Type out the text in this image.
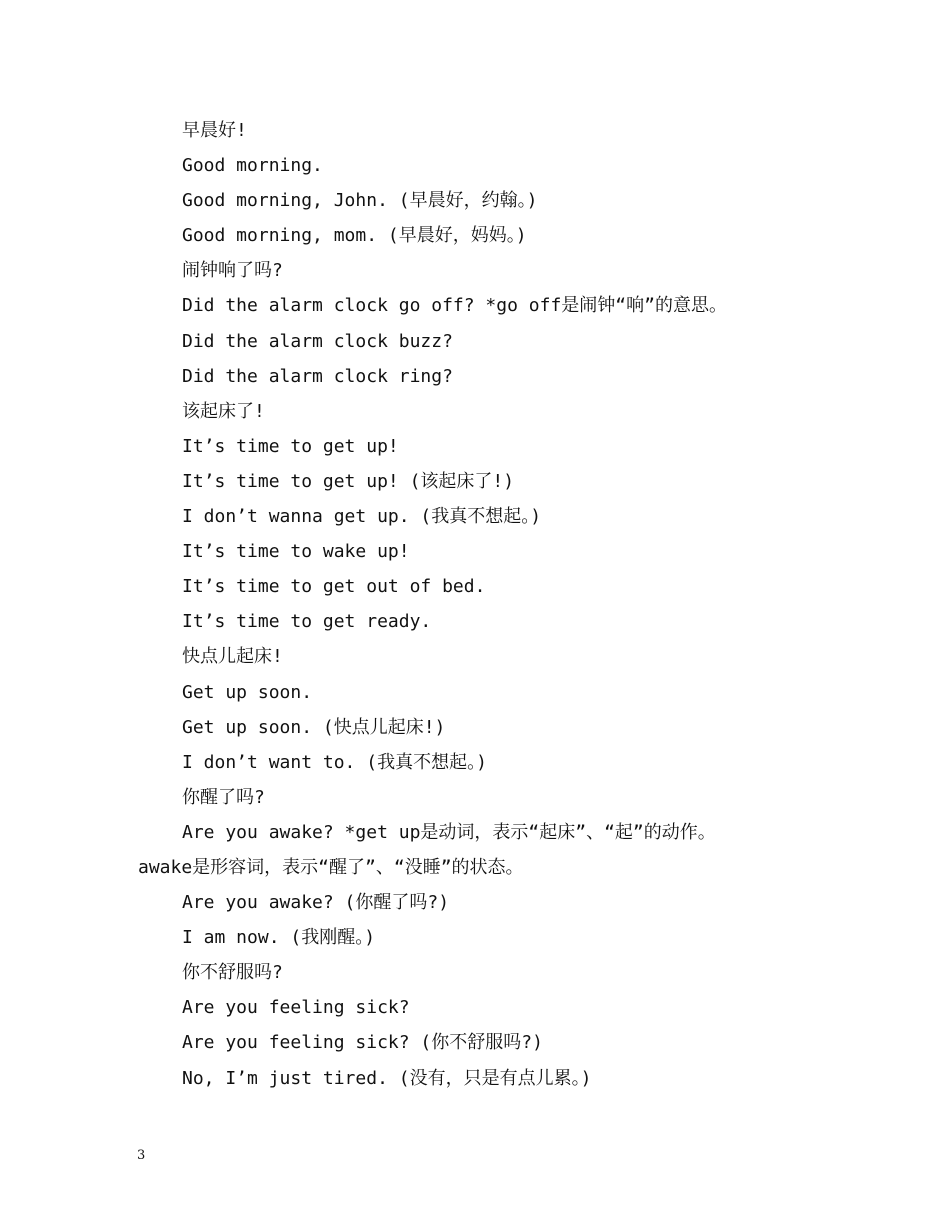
早晨好!
Good morning.
Good morning, John. (早晨好，约翰。)
Good morning, mom. (早晨好，妈妈。)
闹钟响了吗?
Did the alarm clock go off? *go off是闹钟“响”的意思。
Did the alarm clock buzz?
Did the alarm clock ring?
该起床了!
It’s time to get up!
It’s time to get up! (该起床了!)
I don’t wanna get up. (我真不想起。)
It’s time to wake up!
It’s time to get out of bed.
It’s time to get ready.
快点儿起床!
Get up soon.
Get up soon. (快点儿起床!)
I don’t want to. (我真不想起。)
你醒了吗?
Are you awake? *get up是动词，表示“起床”、“起”的动作。
awake是形容词，表示“醒了”、“没睡”的状态。
Are you awake? (你醒了吗?)
I am now. (我刚醒。)
你不舒服吗?
Are you feeling sick?
Are you feeling sick? (你不舒服吗?)
No, I’m just tired. (没有，只是有点儿累。)
3
